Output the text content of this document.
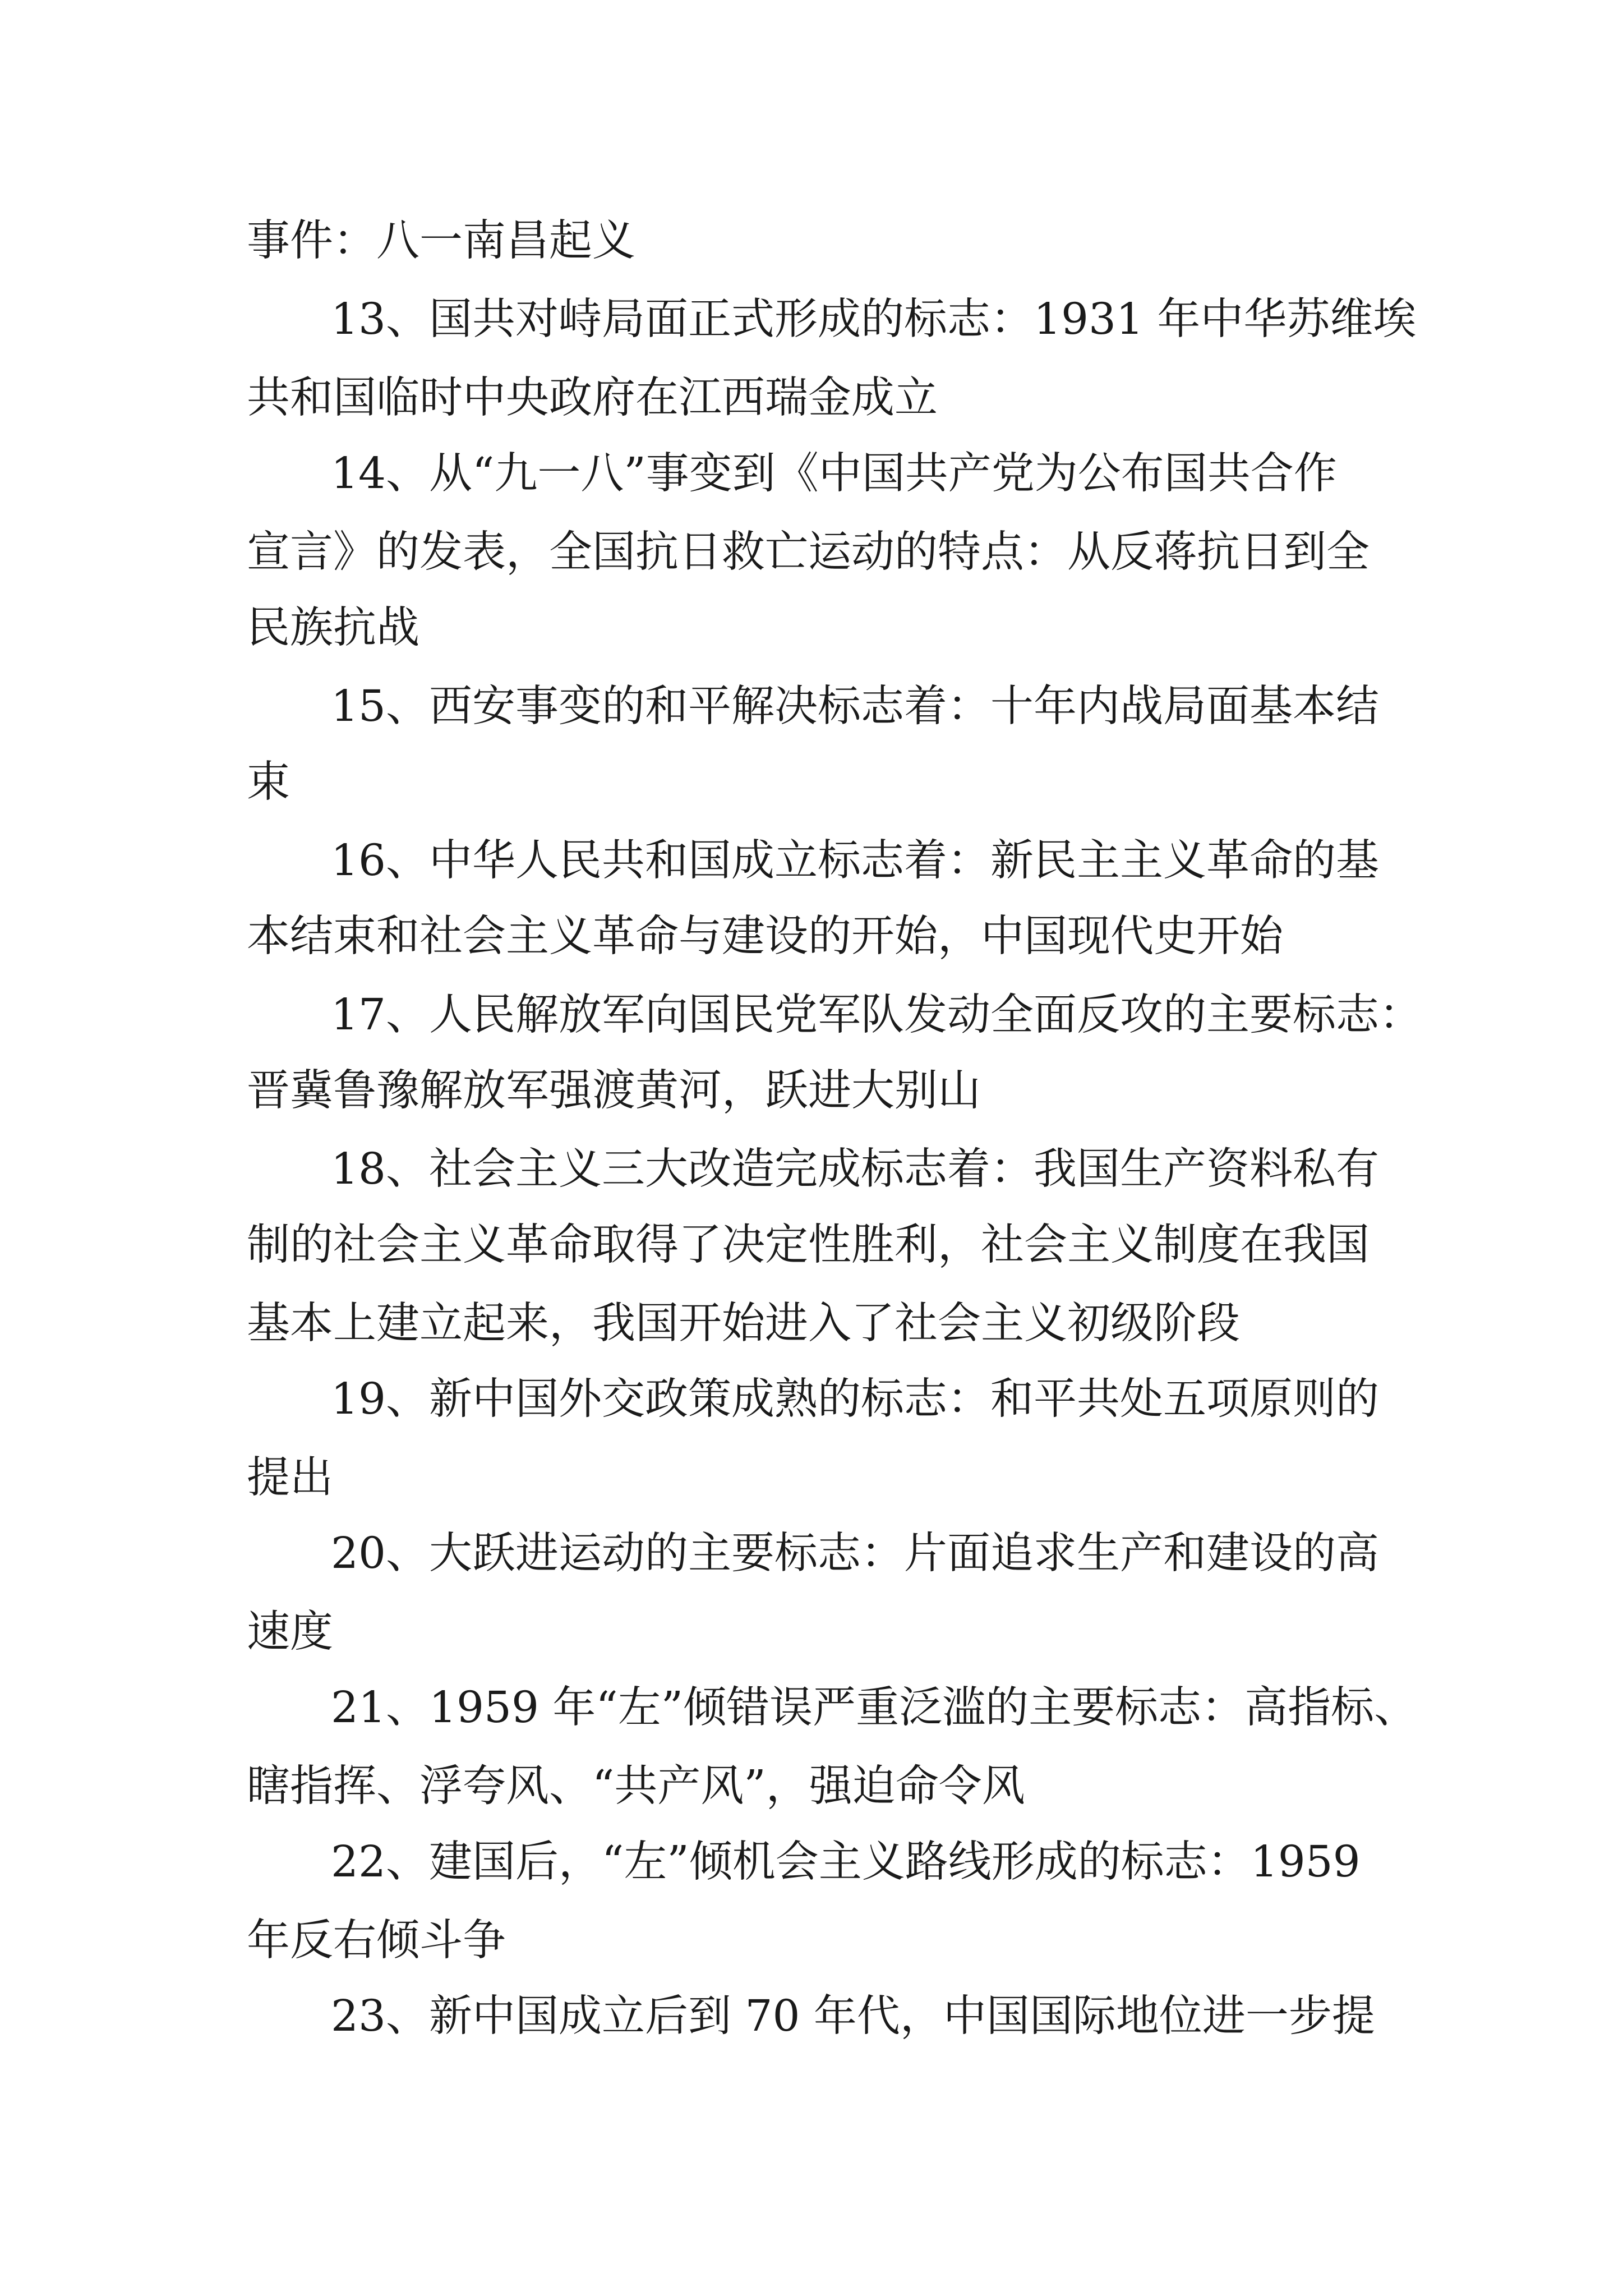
事件：八一南昌起义
13、国共对峙局面正式形成的标志：1931 年中华苏维埃
共和国临时中央政府在江西瑞金成立
14、从“九一八”事变到《中国共产党为公布国共合作
宣言》的发表，全国抗日救亡运动的特点：从反蒋抗日到全
民族抗战
15、西安事变的和平解决标志着：十年内战局面基本结
束
16、中华人民共和国成立标志着：新民主主义革命的基
本结束和社会主义革命与建设的开始，中国现代史开始
17、人民解放军向国民党军队发动全面反攻的主要标志：
晋冀鲁豫解放军强渡黄河，跃进大别山
18、社会主义三大改造完成标志着：我国生产资料私有
制的社会主义革命取得了决定性胜利，社会主义制度在我国
基本上建立起来，我国开始进入了社会主义初级阶段
19、新中国外交政策成熟的标志：和平共处五项原则的
提出
20、大跃进运动的主要标志：片面追求生产和建设的高
速度
21、1959 年“左”倾错误严重泛滥的主要标志：高指标、
瞎指挥、浮夸风、“共产风”，强迫命令风
22、建国后，“左”倾机会主义路线形成的标志：1959
年反右倾斗争
23、新中国成立后到 70 年代，中国国际地位进一步提
